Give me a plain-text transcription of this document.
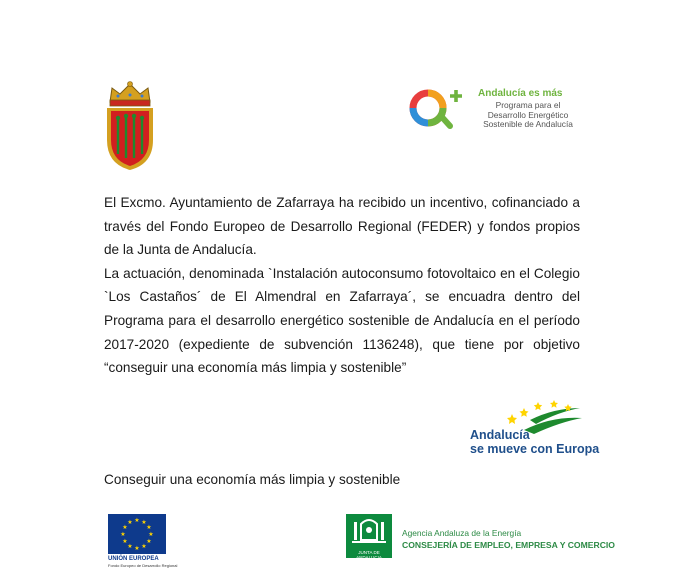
Andalucía es más
Programa para el Desarrollo Energético Sostenible de Andalucía

El Excmo. Ayuntamiento de Zafarraya ha recibido un incentivo, cofinanciado a través del Fondo Europeo de Desarrollo Regional (FEDER) y fondos propios de la Junta de Andalucía.

La actuación, denominada `Instalación autoconsumo fotovoltaico en el Colegio `Los Castaños´ de El Almendral en Zafarraya´, se encuadra dentro del Programa para el desarrollo energético sostenible de Andalucía en el período 2017-2020 (expediente de subvención 1136248), que tiene por objetivo “conseguir una economía más limpia y sostenible”

Andalucía
se mueve con Europa
Conseguir una economía más limpia y sostenible
★ ★
★
★
★
★
★
★
★
★
★
★
UNIÓN EUROPEA
Fondo Europeo de Desarrollo Regional
JUNTA DE ANDALUCIA
Agencia Andaluza de la Energía
CONSEJERÍA DE EMPLEO, EMPRESA Y COMERCIO
